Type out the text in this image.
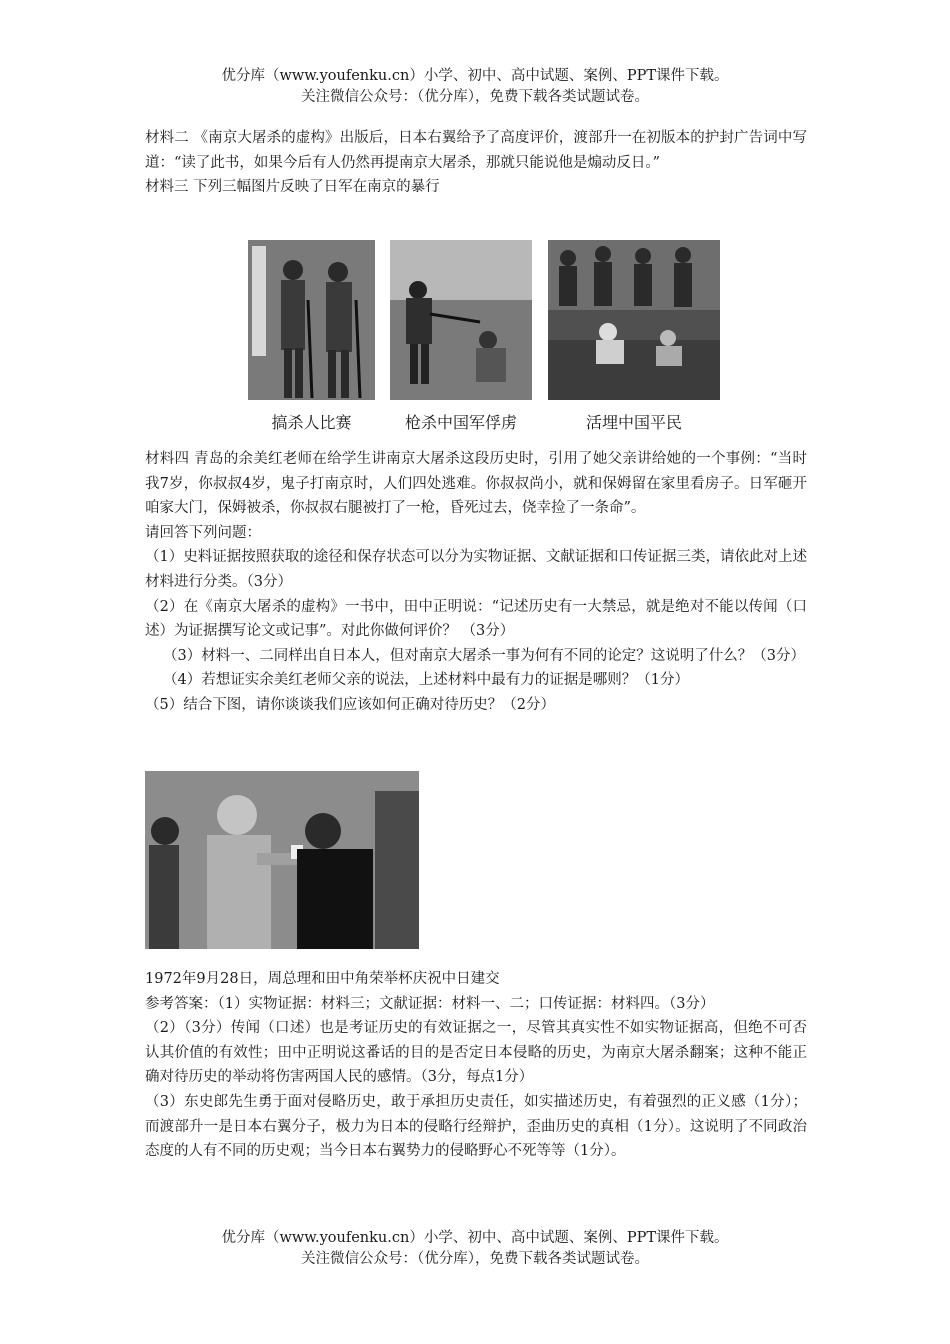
优分库（www.youfenku.cn）小学、初中、高中试题、案例、PPT课件下载。
关注微信公众号：（优分库），免费下载各类试题试卷。

材料二 《南京大屠杀的虚构》出版后，日本右翼给予了高度评价，渡部升一在初版本的护封广告词中写道：“读了此书，如果今后有人仍然再提南京大屠杀，那就只能说他是煽动反日。”

材料三 下列三幅图片反映了日军在南京的暴行

搞杀人比赛	枪杀中国军俘虏	活埋中国平民

材料四 青岛的余美红老师在给学生讲南京大屠杀这段历史时，引用了她父亲讲给她的一个事例：“当时我7岁，你叔叔4岁，鬼子打南京时，人们四处逃难。你叔叔尚小，就和保姆留在家里看房子。日军砸开咱家大门，保姆被杀，你叔叔右腿被打了一枪，昏死过去，侥幸捡了一条命”。

请回答下列问题：

（1）史料证据按照获取的途径和保存状态可以分为实物证据、文献证据和口传证据三类，请依此对上述材料进行分类。（3分）

（2）在《南京大屠杀的虚构》一书中，田中正明说：“记述历史有一大禁忌，就是绝对不能以传闻（口述）为证据撰写论文或记事”。对此你做何评价？ （3分）

（3）材料一、二同样出自日本人，但对南京大屠杀一事为何有不同的论定？这说明了什么？（3分）

（4）若想证实余美红老师父亲的说法，上述材料中最有力的证据是哪则？（1分）

（5）结合下图，请你谈谈我们应该如何正确对待历史？（2分）

1972年9月28日，周总理和田中角荣举杯庆祝中日建交

参考答案：（1）实物证据：材料三；文献证据：材料一、二；口传证据：材料四。（3分）

（2）（3分）传闻（口述）也是考证历史的有效证据之一，尽管其真实性不如实物证据高，但绝不可否认其价值的有效性；田中正明说这番话的目的是否定日本侵略的历史，为南京大屠杀翻案；这种不能正确对待历史的举动将伤害两国人民的感情。（3分，每点1分）

（3）东史郎先生勇于面对侵略历史，敢于承担历史责任，如实描述历史，有着强烈的正义感（1分）；而渡部升一是日本右翼分子，极力为日本的侵略行经辩护，歪曲历史的真相（1分）。这说明了不同政治态度的人有不同的历史观；当今日本右翼势力的侵略野心不死等等（1分）。

优分库（www.youfenku.cn）小学、初中、高中试题、案例、PPT课件下载。
关注微信公众号：（优分库），免费下载各类试题试卷。
